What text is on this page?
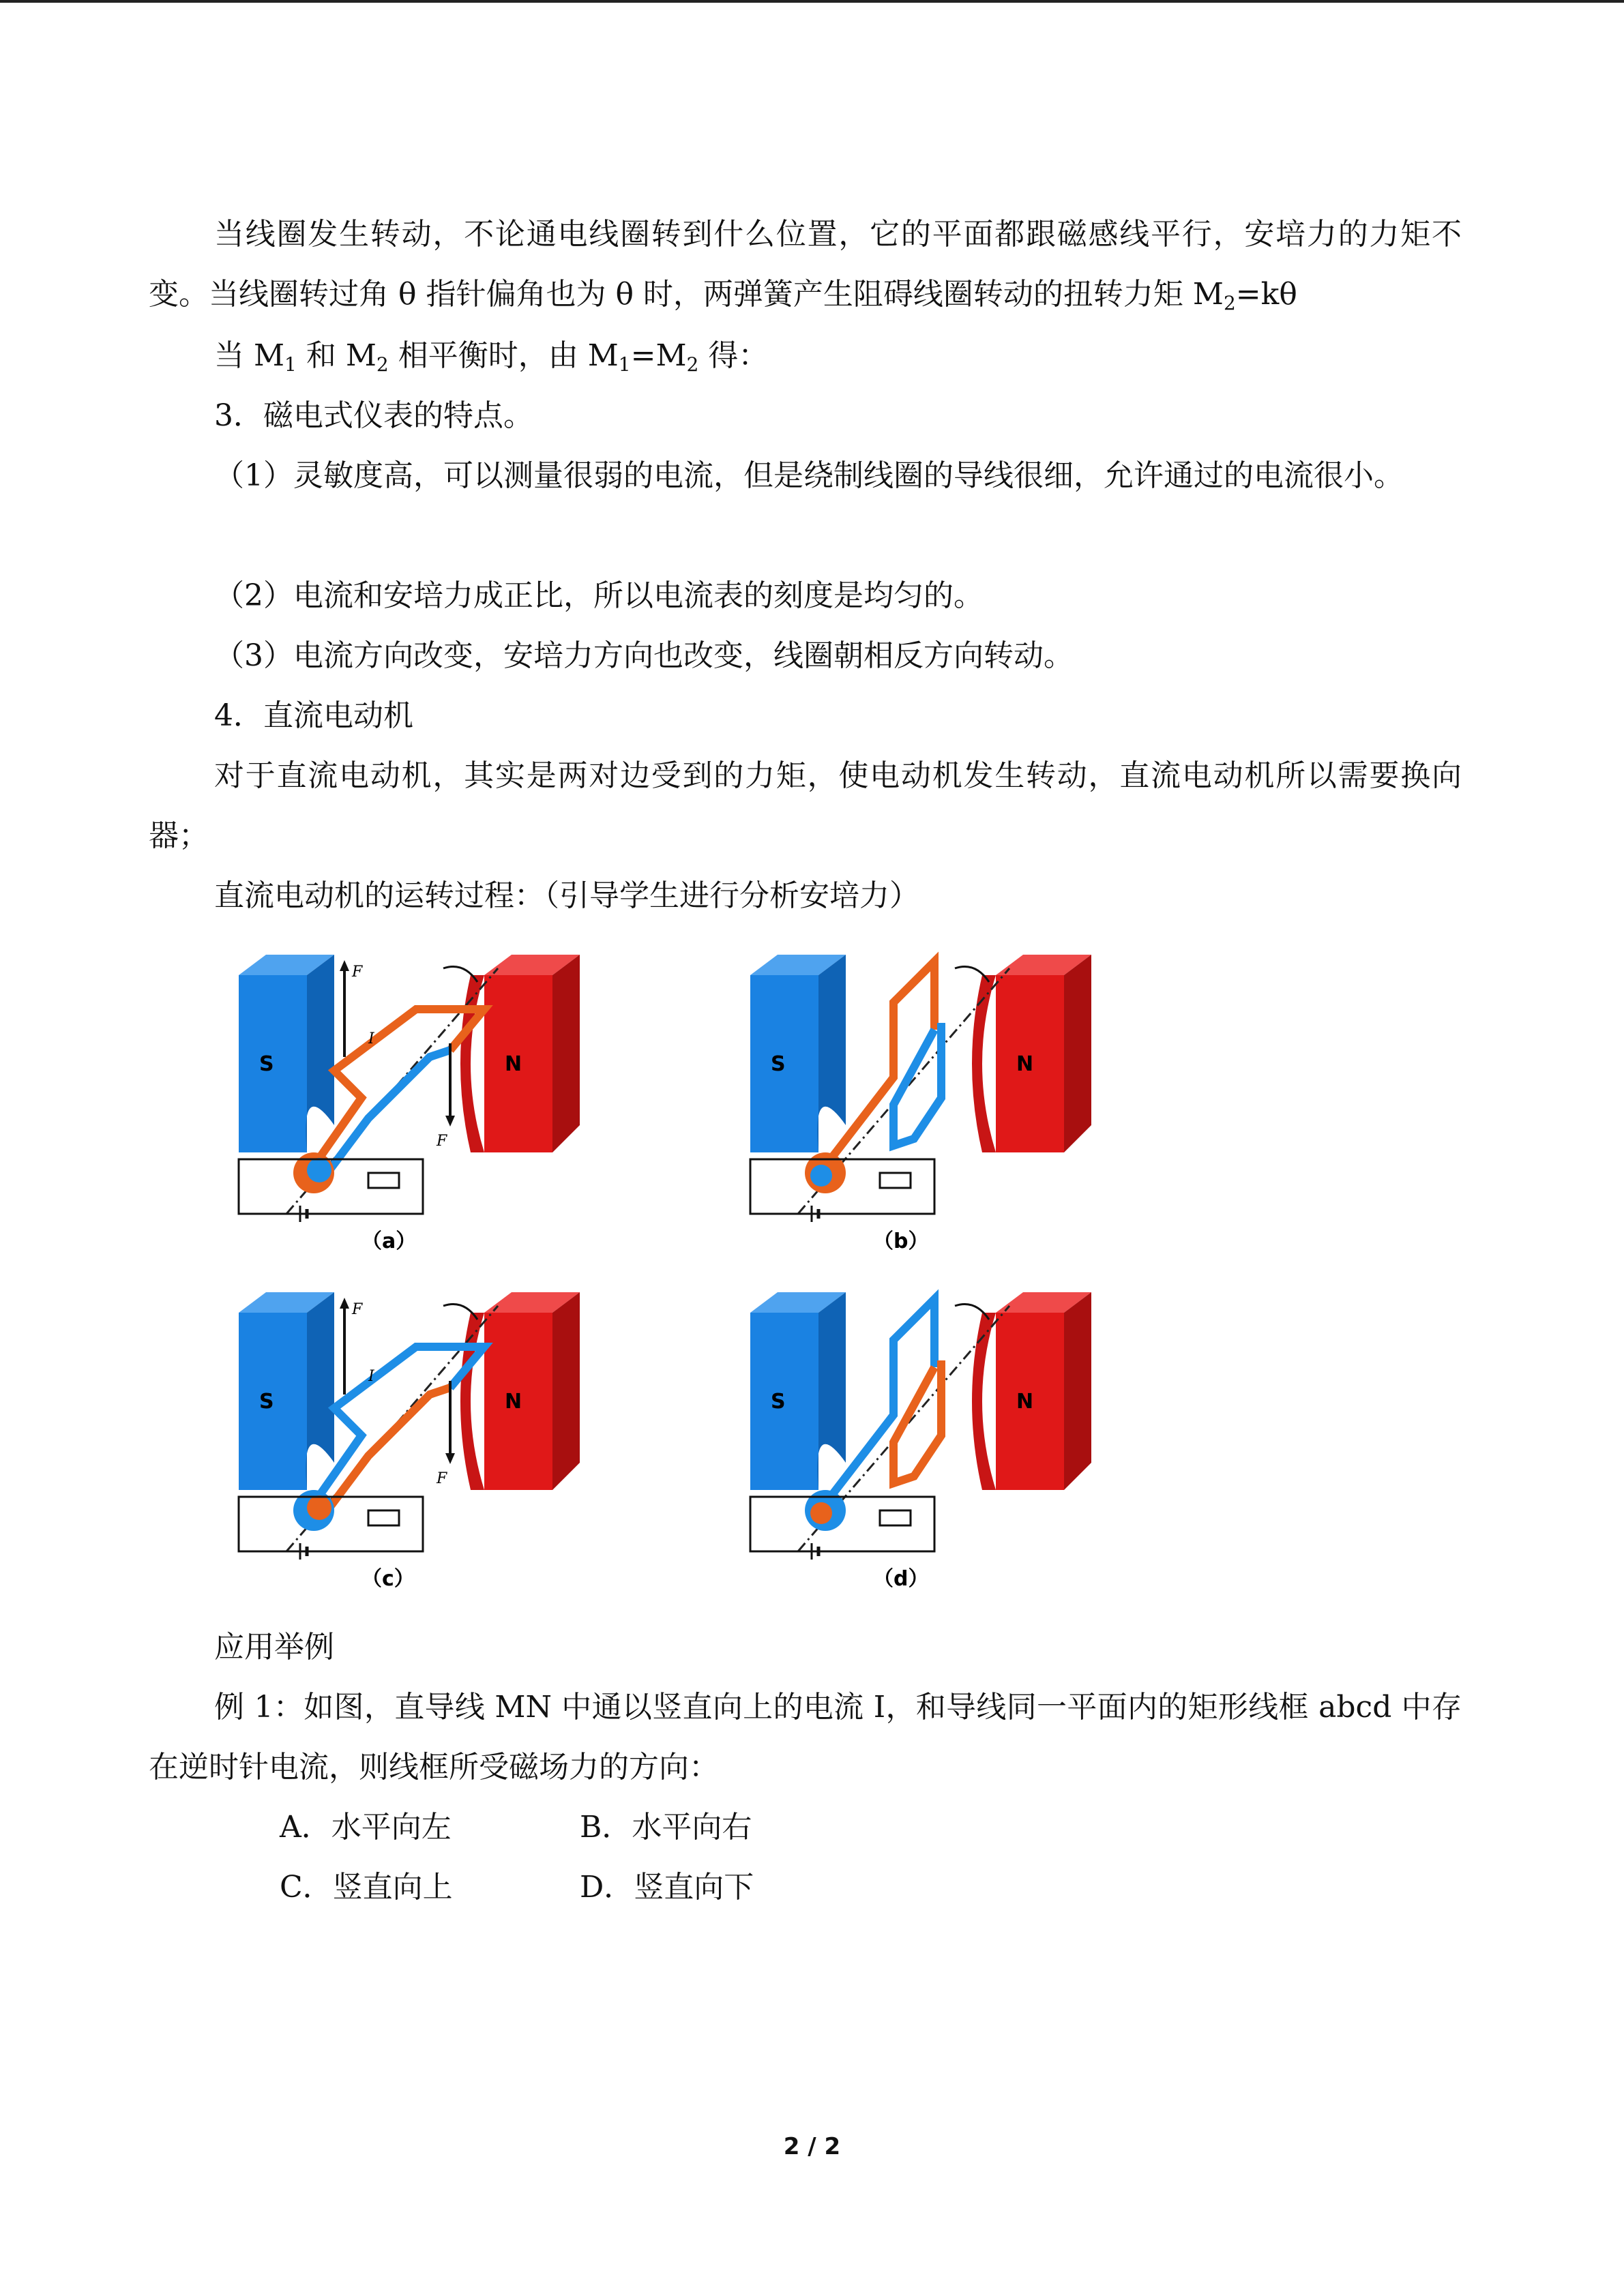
当线圈发生转动，不论通电线圈转到什么位置，它的平面都跟磁感线平行，安培力的力矩不变。当线圈转过角 θ 指针偏角也为 θ 时，两弹簧产生阻碍线圈转动的扭转力矩 $M_2=k\theta$

当 $M_1$ 和 $M_2$ 相平衡时，由 $M_1=M_2$ 得：

3．磁电式仪表的特点。

（1）灵敏度高，可以测量很弱的电流，但是绕制线圈的导线很细，允许通过的电流很小。

（2）电流和安培力成正比，所以电流表的刻度是均匀的。

（3）电流方向改变，安培力方向也改变，线圈朝相反方向转动。

4．直流电动机

对于直流电动机，其实是两对边受到的力矩，使电动机发生转动，直流电动机所以需要换向器；

直流电动机的运转过程：（引导学生进行分析安培力）

S	N
F
F
I
（a）
S	N
（b）
S	N
F
F
I
（c）
S	N
（d）

应用举例

例 1：如图，直导线 MN 中通以竖直向上的电流 I，和导线同一平面内的矩形线框 abcd 中存在逆时针电流，则线框所受磁场力的方向：

A．水平向左	B．水平向右

C．竖直向上	D．竖直向下

2 / 2
